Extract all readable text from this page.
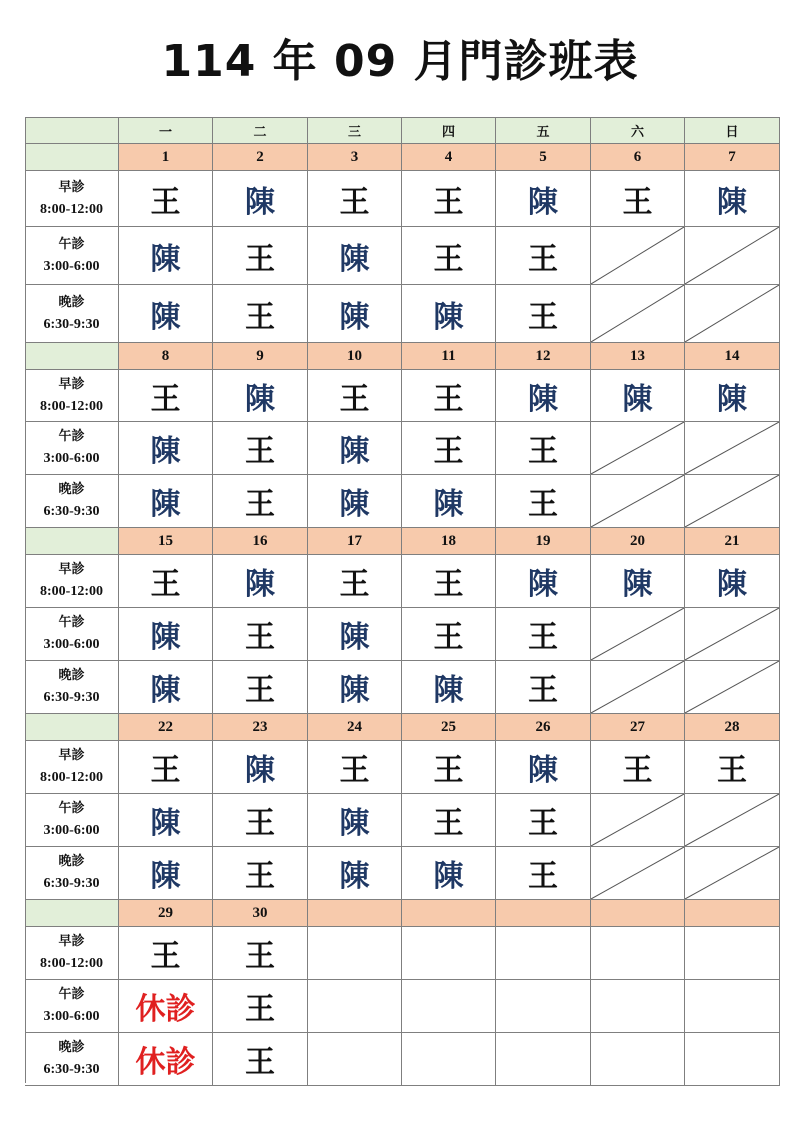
114 年 09 月門診班表
一	二	三	四	五	六	日
1	2	3	4	5	6	7
早診
8:00-12:00	王	陳	王	王	陳	王	陳
午診
3:00-6:00	陳	王	陳	王	王
晚診
6:30-9:30	陳	王	陳	陳	王
8	9	10	11	12	13	14
早診
8:00-12:00	王	陳	王	王	陳	陳	陳
午診
3:00-6:00	陳	王	陳	王	王
晚診
6:30-9:30	陳	王	陳	陳	王
15	16	17	18	19	20	21
早診
8:00-12:00	王	陳	王	王	陳	陳	陳
午診
3:00-6:00	陳	王	陳	王	王
晚診
6:30-9:30	陳	王	陳	陳	王
22	23	24	25	26	27	28
早診
8:00-12:00	王	陳	王	王	陳	王	王
午診
3:00-6:00	陳	王	陳	王	王
晚診
6:30-9:30	陳	王	陳	陳	王
29	30
早診
8:00-12:00	王	王
午診
3:00-6:00	休診	王
晚診
6:30-9:30	休診	王
